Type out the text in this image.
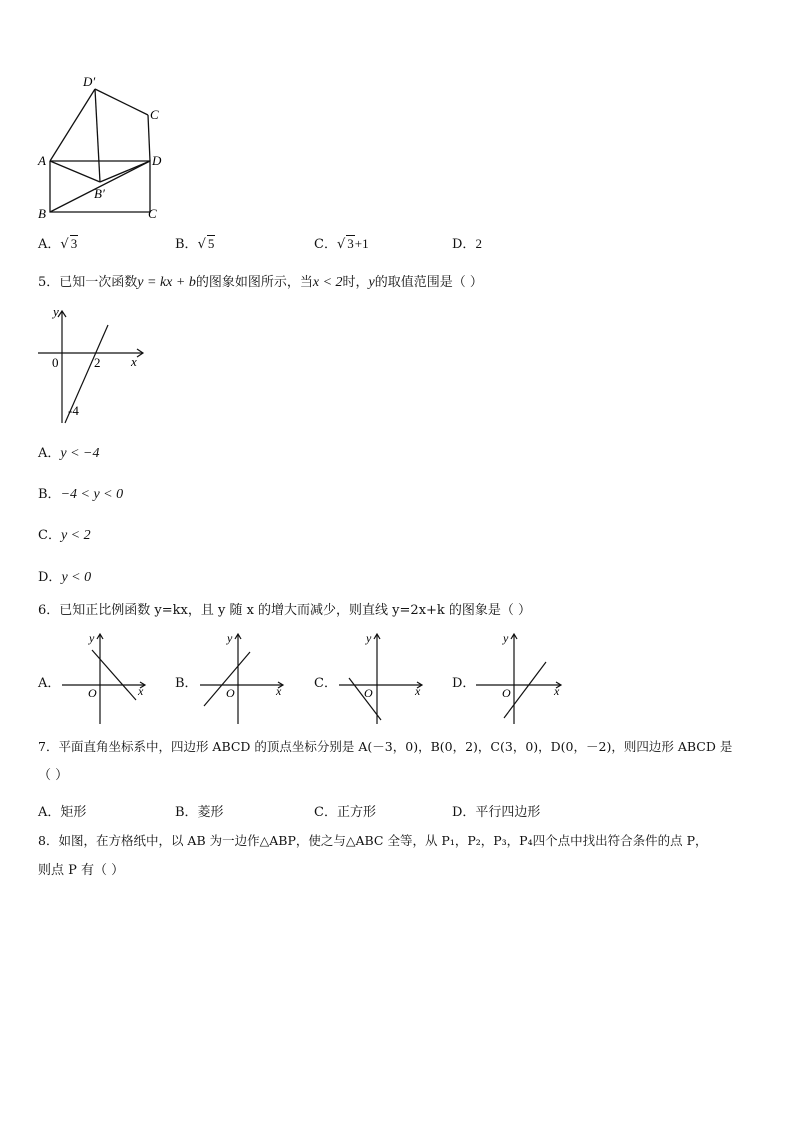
D′
C
A	D
B′
B	C
A．√ 3	B．√ 5	C．√ 3+1	D．2
5．已知一次函数y = kx + b的图象如图所示，当x < 2时，y的取值范围是（ ）
y
x
0	2
-4
A．y < −4
B．−4 < y < 0
C．y < 2
D．y < 0
6．已知正比例函数 y=kx，且 y 随 x 的增大而减少，则直线 y=2x+k 的图象是（ ）
A．
y
x
O
B．
y
x
O
C．
y
x
O
D．
y
x
O
7．平面直角坐标系中，四边形 ABCD 的顶点坐标分别是 A(－3，0)，B(0，2)，C(3，0)，D(0，－2)，则四边形 ABCD 是
（ ）
A．矩形	B．菱形	C．正方形	D．平行四边形
8．如图，在方格纸中，以 AB 为一边作△ABP，使之与△ABC 全等，从 P₁，P₂，P₃，P₄四个点中找出符合条件的点 P，
则点 P 有（ ）
